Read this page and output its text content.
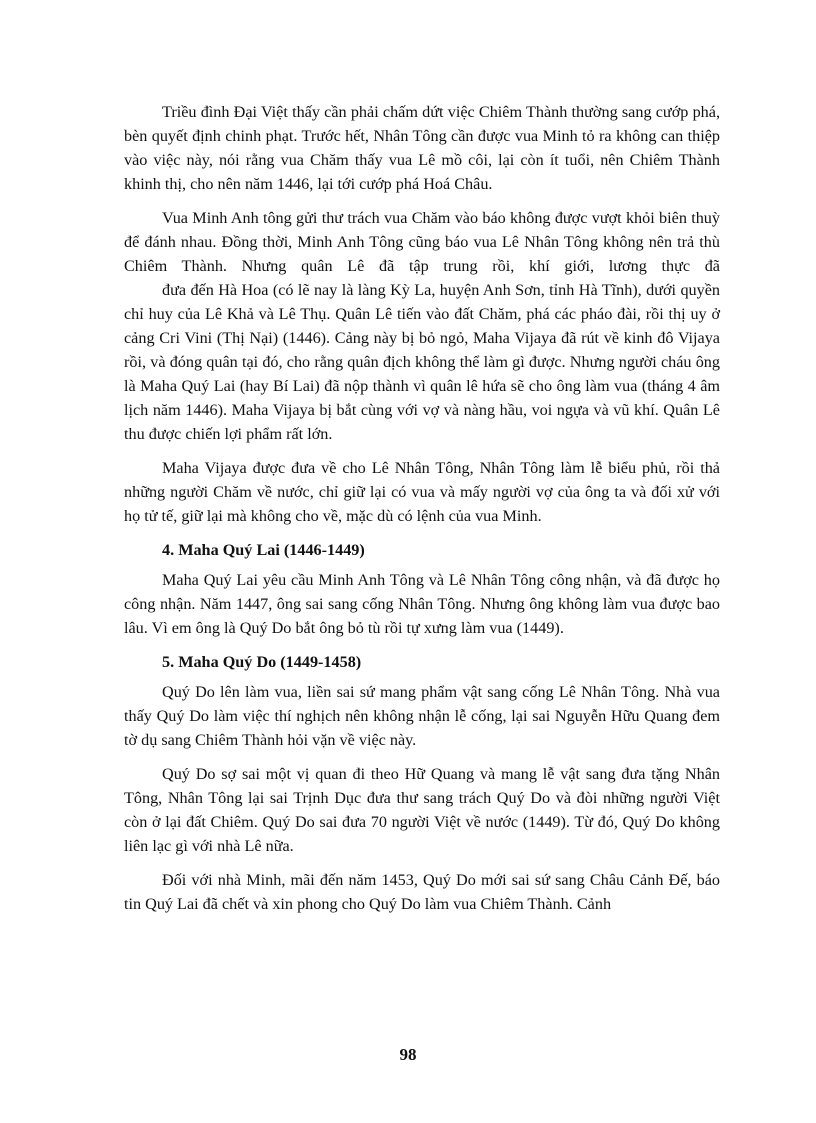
Triều đình Đại Việt thấy cần phải chấm dứt việc Chiêm Thành thường sang cướp phá, bèn quyết định chinh phạt. Trước hết, Nhân Tông cần được vua Minh tỏ ra không can thiệp vào việc này, nói rằng vua Chăm thấy vua Lê mồ côi, lại còn ít tuổi, nên Chiêm Thành khinh thị, cho nên năm 1446, lại tới cướp phá Hoá Châu.

Vua Minh Anh tông gửi thư trách vua Chăm vào báo không được vượt khỏi biên thuỳ để đánh nhau. Đồng thời, Minh Anh Tông cũng báo vua Lê Nhân Tông không nên trả thù Chiêm Thành. Nhưng quân Lê đã tập trung rồi, khí giới, lương thực đã

đưa đến Hà Hoa (có lẽ nay là làng Kỳ La, huyện Anh Sơn, tỉnh Hà Tĩnh), dưới quyền chỉ huy của Lê Khả và Lê Thụ. Quân Lê tiến vào đất Chăm, phá các pháo đài, rồi thị uy ở cảng Cri Vini (Thị Nại) (1446). Cảng này bị bỏ ngỏ, Maha Vijaya đã rút về kinh đô Vijaya rồi, và đóng quân tại đó, cho rằng quân địch không thể làm gì được. Nhưng người cháu ông là Maha Quý Lai (hay Bí Lai) đã nộp thành vì quân lê hứa sẽ cho ông làm vua (tháng 4 âm lịch năm 1446). Maha Vijaya bị bắt cùng với vợ và nàng hầu, voi ngựa và vũ khí. Quân Lê thu được chiến lợi phẩm rất lớn.

Maha Vijaya được đưa về cho Lê Nhân Tông, Nhân Tông làm lễ biểu phủ, rồi thả những người Chăm về nước, chỉ giữ lại có vua và mấy người vợ của ông ta và đối xử với họ tử tế, giữ lại mà không cho về, mặc dù có lệnh của vua Minh.

4. Maha Quý Lai (1446-1449)

Maha Quý Lai yêu cầu Minh Anh Tông và Lê Nhân Tông công nhận, và đã được họ công nhận. Năm 1447, ông sai sang cống Nhân Tông. Nhưng ông không làm vua được bao lâu. Vì em ông là Quý Do bắt ông bỏ tù rồi tự xưng làm vua (1449).

5. Maha Quý Do (1449-1458)

Quý Do lên làm vua, liền sai sứ mang phẩm vật sang cống Lê Nhân Tông. Nhà vua thấy Quý Do làm việc thí nghịch nên không nhận lễ cống, lại sai Nguyễn Hữu Quang đem tờ dụ sang Chiêm Thành hỏi vặn về việc này.

Quý Do sợ sai một vị quan đi theo Hữ Quang và mang lễ vật sang đưa tặng Nhân Tông, Nhân Tông lại sai Trịnh Dục đưa thư sang trách Quý Do và đòi những người Việt còn ở lại đất Chiêm. Quý Do sai đưa 70 người Việt về nước (1449). Từ đó, Quý Do không liên lạc gì với nhà Lê nữa.

Đối với nhà Minh, mãi đến năm 1453, Quý Do mới sai sứ sang Châu Cảnh Đế, báo tin Quý Lai đã chết và xin phong cho Quý Do làm vua Chiêm Thành. Cảnh

98
